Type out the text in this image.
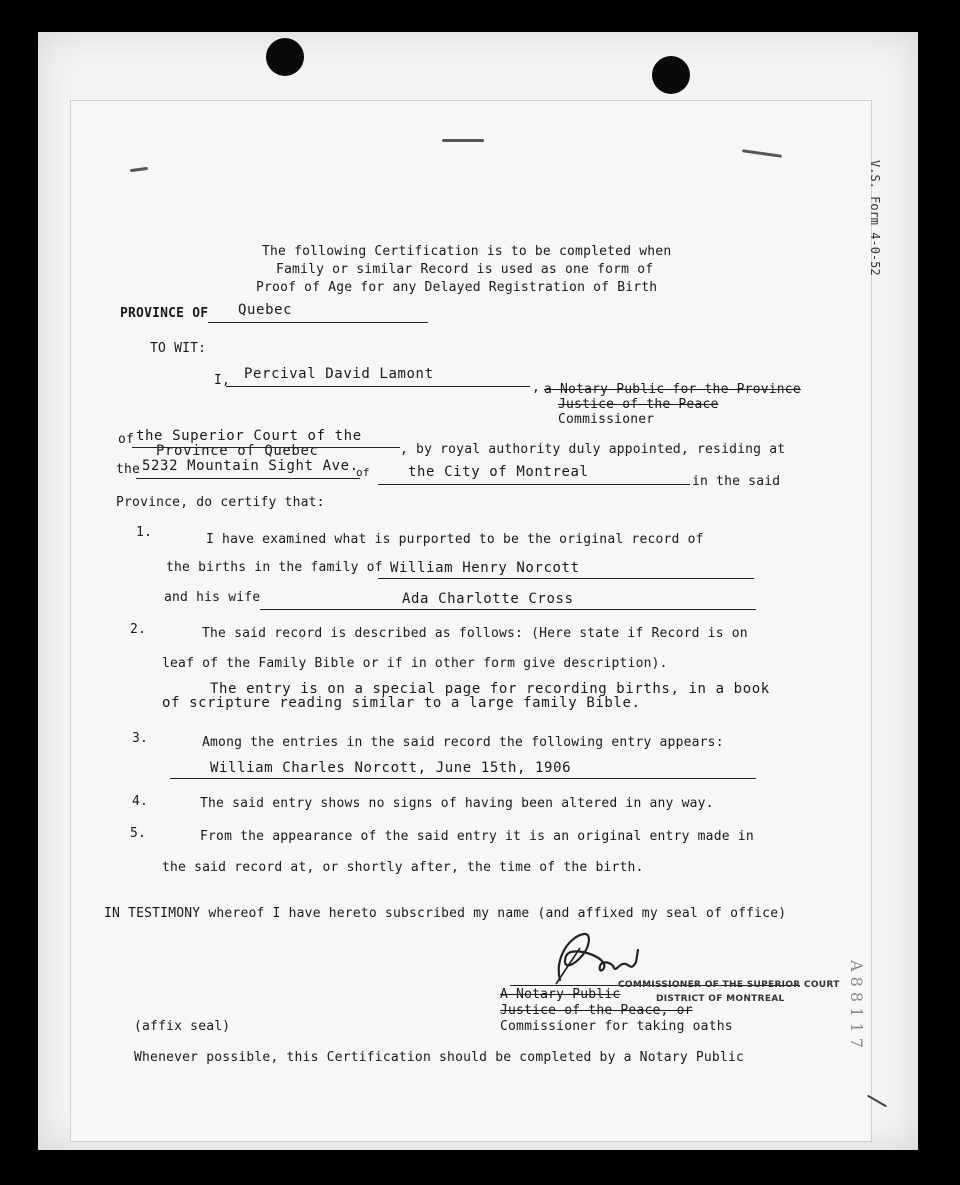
V.S. Form 4-0-52
A 8 8 1 1 7
The following Certification is to be completed when
Family or similar Record is used as one form of
Proof of Age for any Delayed Registration of Birth
PROVINCE OF Quebec
TO WIT:
I, Percival David Lamont
, a Notary Public for the Province
Justice of the Peace
Commissioner
of the Superior Court of the
Province of Quebec	, by royal authority duly appointed, residing at
the 5232 Mountain Sight Ave.
of	the City of Montreal
in the said
Province, do certify that:
1.	I have examined what is purported to be the original record of
the births in the family of William Henry Norcott
and his wife	Ada Charlotte Cross
2.	The said record is described as follows: (Here state if Record is on
leaf of the Family Bible or if in other form give description).
The entry is on a special page for recording births, in a book
of scripture reading similar to a large family Bible.
3.	Among the entries in the said record the following entry appears:
William Charles Norcott, June 15th, 1906
4.	The said entry shows no signs of having been altered in any way.
5.	From the appearance of the said entry it is an original entry made in
the said record at, or shortly after, the time of the birth.
IN TESTIMONY whereof I have hereto subscribed my name (and affixed my seal of office)
COMMISSIONER OF THE SUPERIOR COURT
DISTRICT OF MONTREAL
A Notary Public
Justice of the Peace, or
Commissioner for taking oaths
(affix seal)
Whenever possible, this Certification should be completed by a Notary Public
